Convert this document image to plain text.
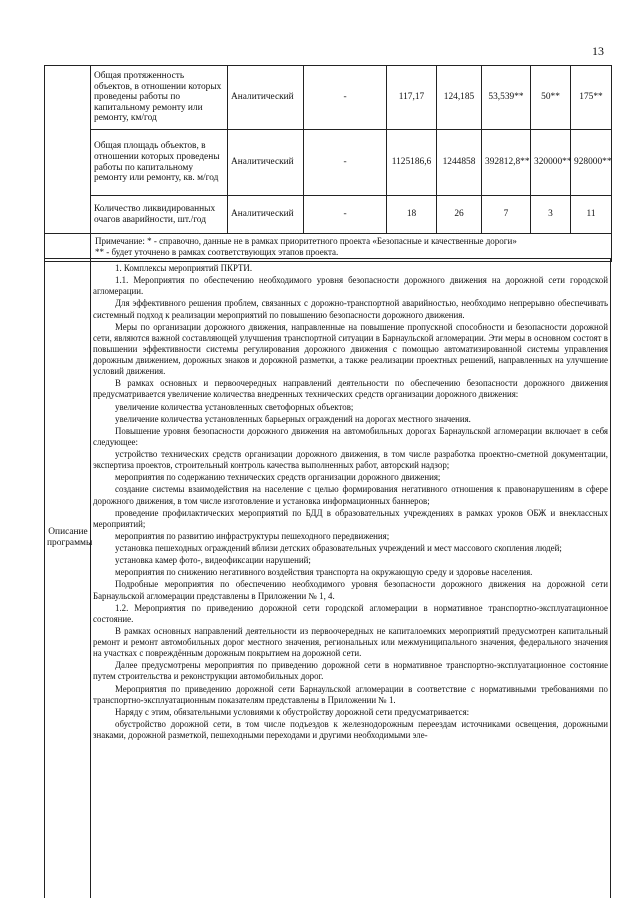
13
	Общая протяженность объектов, в отношении которых проведены работы по капитальному ремонту или ремонту, км/год	Аналитический	-	117,17	124,185	53,539**	50**	175**
	Общая площадь объектов, в отношении которых проведены работы по капитальному ремонту или ремонту, кв. м/год	Аналитический	-	1125186,6	1244858	392812,8**	320000**	928000**
	Количество ликвидированных очагов аварийности, шт./год	Аналитический	-	18	26	7	3	11

	Примечание: * - справочно, данные не в рамках приоритетного проекта «Безопасные и качественные дороги»
** - будет уточнено в рамках соответствующих этапов проекта.							
Описание программы

1. Комплексы мероприятий ПКРТИ.

1.1. Мероприятия по обеспечению необходимого уровня безопасности дорожного движения на дорожной сети городской агломерации.

Для эффективного решения проблем, связанных с дорожно-транспортной аварийностью, необходимо непрерывно обеспечивать системный подход к реализации мероприятий по повышению безопасности дорожного движения.

Меры по организации дорожного движения, направленные на повышение пропускной способности и безопасности дорожной сети, являются важной составляющей улучшения транспортной ситуации в Барнаульской агломерации. Эти меры в основном состоят в повышении эффективности системы регулирования дорожного движения с помощью автоматизированной системы управления дорожным движением, дорожных знаков и дорожной разметки, а также реализации проектных решений, направленных на улучшение условий движения.

В рамках основных и первоочередных направлений деятельности по обеспечению безопасности дорожного движения предусматривается увеличение количества внедренных технических средств организации дорожного движения:

увеличение количества установленных светофорных объектов;

увеличение количества установленных барьерных ограждений на дорогах местного значения.

Повышение уровня безопасности дорожного движения на автомобильных дорогах Барнаульской агломерации включает в себя следующее:

устройство технических средств организации дорожного движения, в том числе разработка проектно-сметной документации, экспертиза проектов, строительный контроль качества выполненных работ, авторский надзор;

мероприятия по содержанию технических средств организации дорожного движения;

создание системы взаимодействия на население с целью формирования негативного отношения к правонарушениям в сфере дорожного движения, в том числе изготовление и установка информационных баннеров;

проведение профилактических мероприятий по БДД в образовательных учреждениях в рамках уроков ОБЖ и внеклассных мероприятий;

мероприятия по развитию инфраструктуры пешеходного передвижения;

установка пешеходных ограждений вблизи детских образовательных учреждений и мест массового скопления людей;

установка камер фото-, видеофиксации нарушений;

мероприятия по снижению негативного воздействия транспорта на окружающую среду и здоровье населения.

Подробные мероприятия по обеспечению необходимого уровня безопасности дорожного движения на дорожной сети Барнаульской агломерации представлены в Приложении № 1, 4.

1.2. Мероприятия по приведению дорожной сети городской агломерации в нормативное транспортно-эксплуатационное состояние.

В рамках основных направлений деятельности из первоочередных не капиталоемких мероприятий предусмотрен капитальный ремонт и ремонт автомобильных дорог местного значения, региональных или межмуниципального значения, федерального значения на участках с повреждённым дорожным покрытием на дорожной сети.

Далее предусмотрены мероприятия по приведению дорожной сети в нормативное транспортно-эксплуатационное состояние путем строительства и реконструкции автомобильных дорог.

Мероприятия по приведению дорожной сети Барнаульской агломерации в соответствие с нормативными требованиями по транспортно-эксплуатационным показателям представлены в Приложении № 1.

Наряду с этим, обязательными условиями к обустройству дорожной сети предусматривается:

обустройство дорожной сети, в том числе подъездов к железнодорожным переездам источниками освещения, дорожными знаками, дорожной разметкой, пешеходными переходами и другими необходимыми эле-
